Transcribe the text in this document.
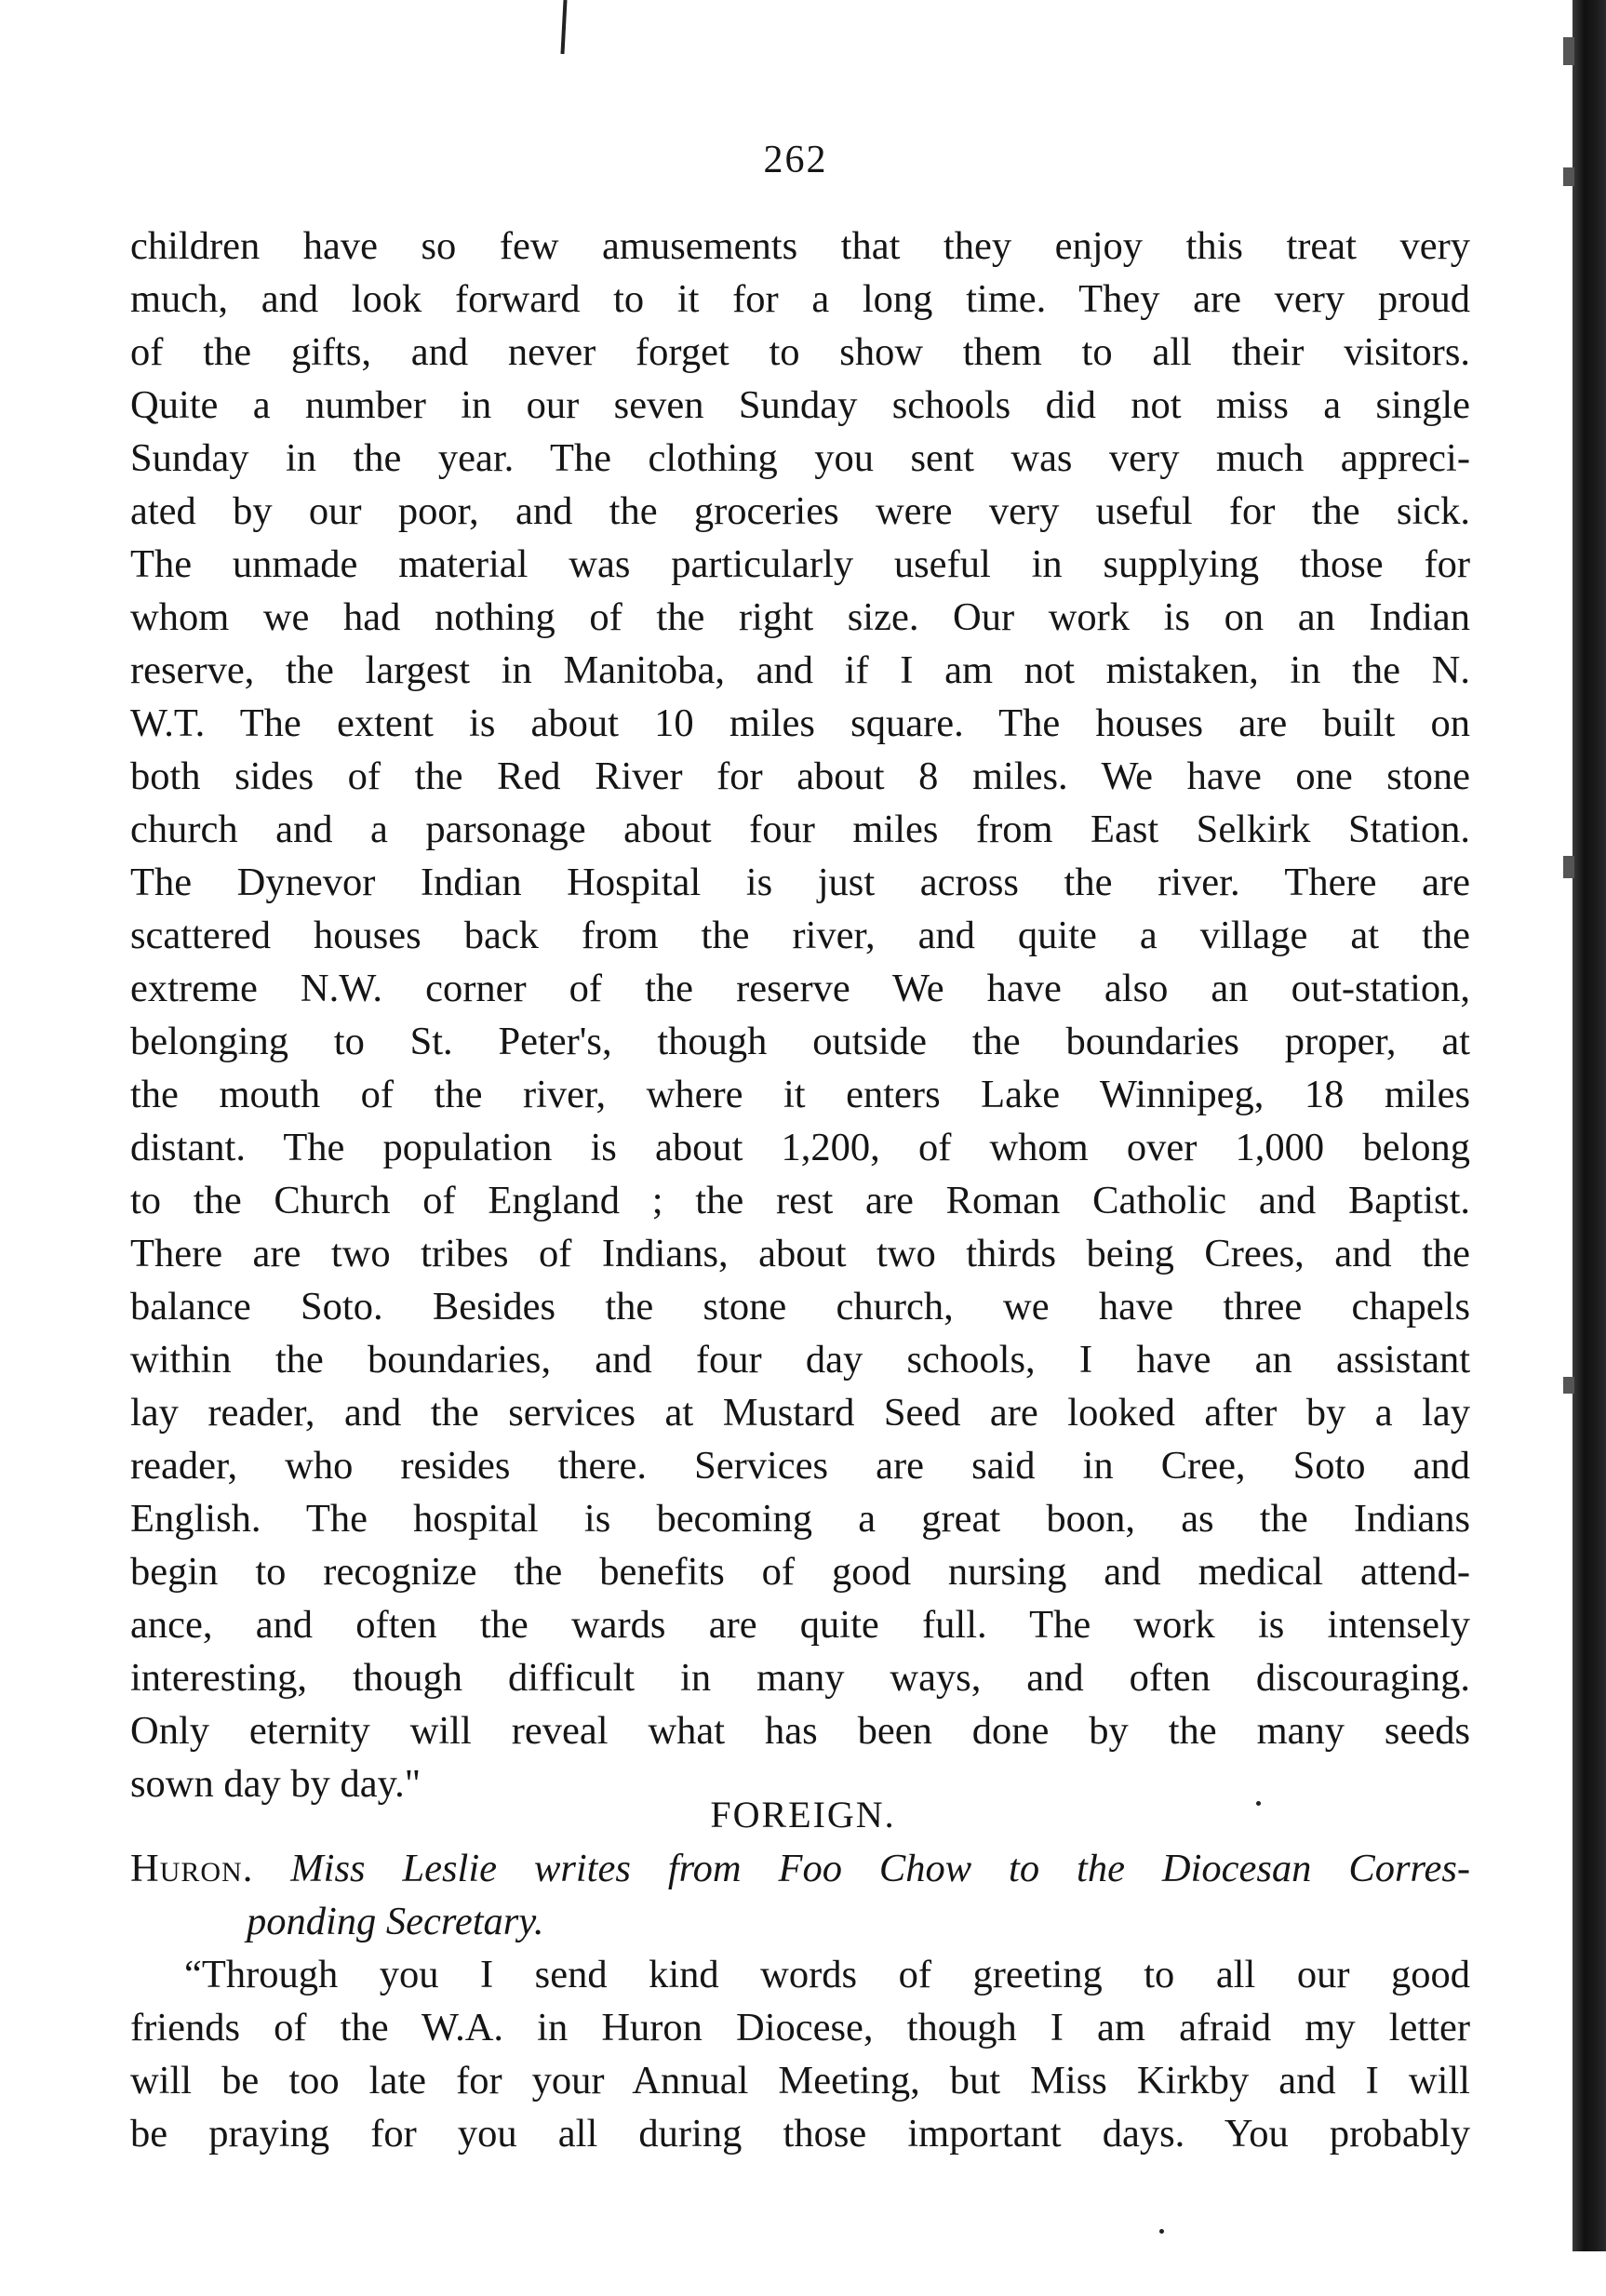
262
children have so few amusements that they enjoy this treat very
much, and look forward to it for a long time. They are very proud
of the gifts, and never forget to show them to all their visitors.
Quite a number in our seven Sunday schools did not miss a single
Sunday in the year. The clothing you sent was very much appreci-
ated by our poor, and the groceries were very useful for the sick.
The unmade material was particularly useful in supplying those for
whom we had nothing of the right size. Our work is on an Indian
reserve, the largest in Manitoba, and if I am not mistaken, in the N.
W.T. The extent is about 10 miles square. The houses are built on
both sides of the Red River for about 8 miles. We have one stone
church and a parsonage about four miles from East Selkirk Station.
The Dynevor Indian Hospital is just across the river. There are
scattered houses back from the river, and quite a village at the
extreme N.W. corner of the reserve We have also an out-station,
belonging to St. Peter's, though outside the boundaries proper, at
the mouth of the river, where it enters Lake Winnipeg, 18 miles
distant. The population is about 1,200, of whom over 1,000 belong
to the Church of England ; the rest are Roman Catholic and Baptist.
There are two tribes of Indians, about two thirds being Crees, and the
balance Soto. Besides the stone church, we have three chapels
within the boundaries, and four day schools, I have an assistant
lay reader, and the services at Mustard Seed are looked after by a lay
reader, who resides there. Services are said in Cree, Soto and
English. The hospital is becoming a great boon, as the Indians
begin to recognize the benefits of good nursing and medical attend-
ance, and often the wards are quite full. The work is intensely
interesting, though difficult in many ways, and often discouraging.
Only eternity will reveal what has been done by the many seeds
sown day by day."
FOREIGN.
Huron. Miss Leslie writes from Foo Chow to the Diocesan Corres-
ponding Secretary.
“Through you I send kind words of greeting to all our good
friends of the W.A. in Huron Diocese, though I am afraid my letter
will be too late for your Annual Meeting, but Miss Kirkby and I will
be praying for you all during those important days. You probably
